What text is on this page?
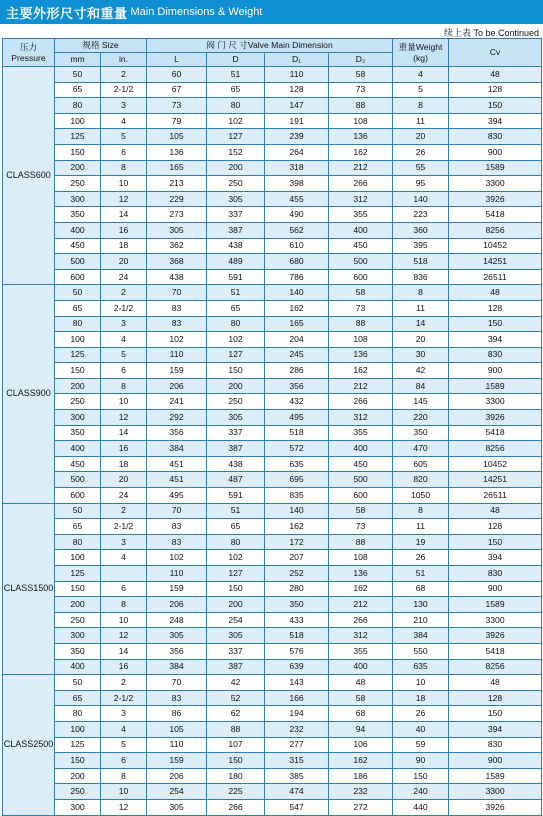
主要外形尺寸和重量 Main Dimensions & Weight
续上表 To be Continued
压力
Pressure	规格 Size		阀 门 尺 寸Valve Main Dimension				重量Weight
(kg)	Cv
	mm	in.	L	D	D₁	D₂		
CLASS600	50	2	60	51	110	58	4	48
	65	2-1/2	67	65	128	73	5	128
	80	3	73	80	147	88	8	150
	100	4	79	102	191	108	11	394
	125	5	105	127	239	136	20	830
	150	6	136	152	264	162	26	900
	200	8	165	200	318	212	55	1589
	250	10	213	250	398	266	95	3300
	300	12	229	305	455	312	140	3926
	350	14	273	337	490	355	223	5418
	400	16	305	387	562	400	360	8256
	450	18	362	438	610	450	395	10452
	500	20	368	489	680	500	518	14251
	600	24	438	591	786	600	836	26511
CLASS900	50	2	70	51	140	58	8	48
	65	2-1/2	83	65	162	73	11	128
	80	3	83	80	165	88	14	150
	100	4	102	102	204	108	20	394
	125	5	110	127	245	136	30	830
	150	6	159	150	286	162	42	900
	200	8	206	200	356	212	84	1589
	250	10	241	250	432	266	145	3300
	300	12	292	305	495	312	220	3926
	350	14	356	337	518	355	350	5418
	400	16	384	387	572	400	470	8256
	450	18	451	438	635	450	605	10452
	500	20	451	487	695	500	820	14251
	600	24	495	591	835	600	1050	26511
CLASS1500	50	2	70	51	140	58	8	48
	65	2-1/2	83	65	162	73	11	128
	80	3	83	80	172	88	19	150
	100	4	102	102	207	108	26	394
	125		110	127	252	136	51	830
	150	6	159	150	280	162	68	900
	200	8	206	200	350	212	130	1589
	250	10	248	254	433	266	210	3300
	300	12	305	305	518	312	384	3926
	350	14	356	337	576	355	550	5418
	400	16	384	387	639	400	635	8256
CLASS2500	50	2	70	42	143	48	10	48
	65	2-1/2	83	52	166	58	18	128
	80	3	86	62	194	68	26	150
	100	4	105	88	232	94	40	394
	125	5	110	107	277	106	59	830
	150	6	159	150	315	162	90	900
	200	8	206	180	385	186	150	1589
	250	10	254	225	474	232	240	3300
	300	12	305	266	547	272	440	3926
